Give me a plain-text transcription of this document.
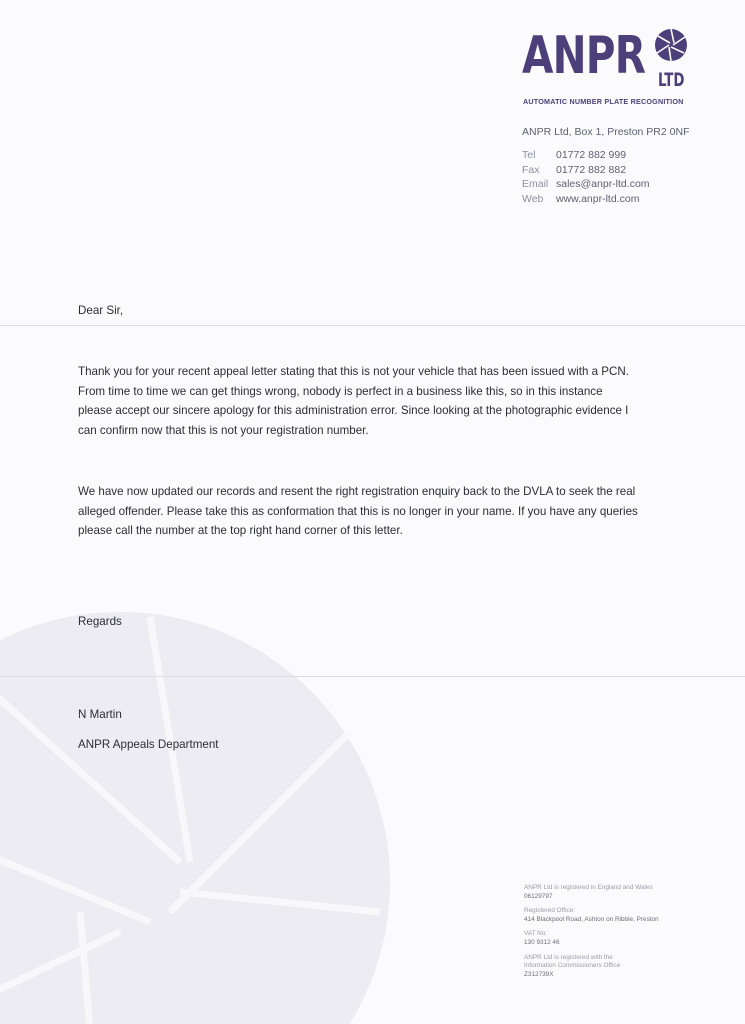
ANPR LTD
AUTOMATIC NUMBER PLATE RECOGNITION
ANPR Ltd, Box 1, Preston PR2 0NF
Tel	01772 882 999
Fax	01772 882 882
Email sales@anpr-ltd.com
Web	www.anpr-ltd.com
Dear Sir,
Thank you for your recent appeal letter stating that this is not your vehicle that has been issued with a PCN. From time to time we can get things wrong, nobody is perfect in a business like this, so in this instance please accept our sincere apology for this administration error. Since looking at the photographic evidence I can confirm now that this is not your registration number.
We have now updated our records and resent the right registration enquiry back to the DVLA to seek the real alleged offender. Please take this as conformation that this is no longer in your name. If you have any queries please call the number at the top right hand corner of this letter.
Regards
N Martin
ANPR Appeals Department
ANPR Ltd is registered in England and Wales
06129797
Registered Office:
414 Blackpool Road, Ashton on Ribble, Preston
VAT No:
130 9312 46
ANPR Ltd is registered with the
Information Commissioners Office
Z312739X
